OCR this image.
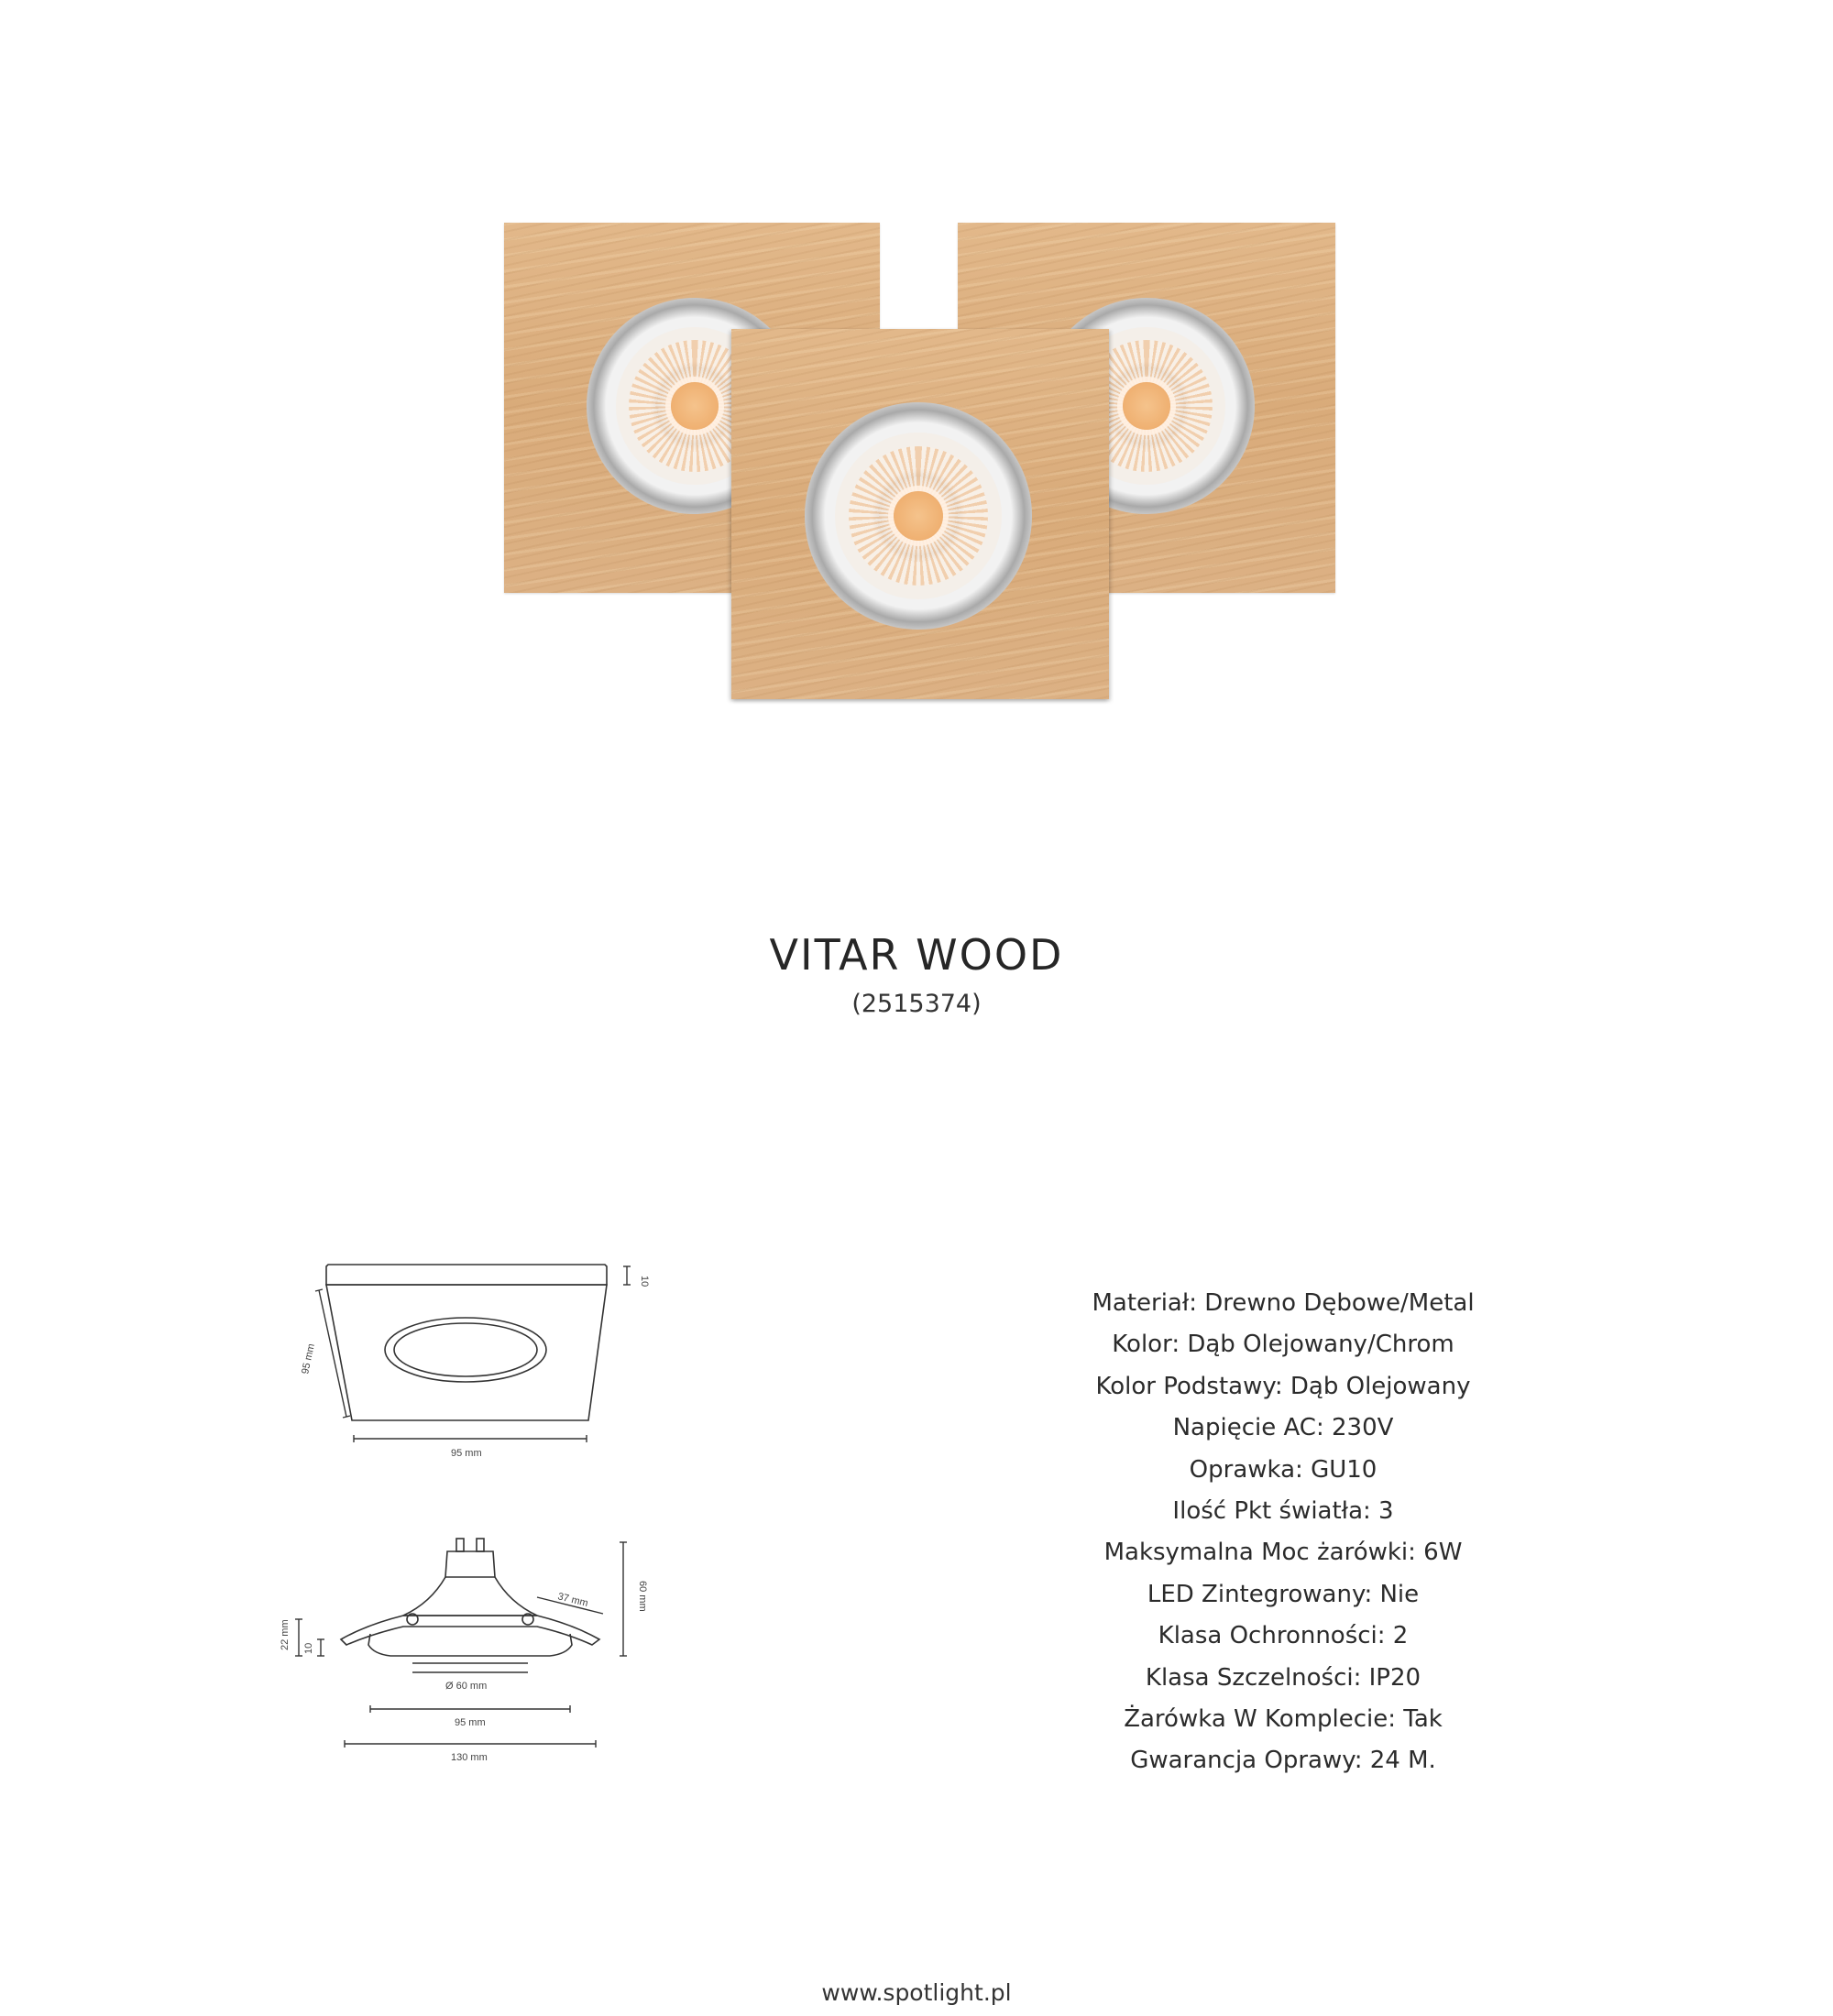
VITAR WOOD
(2515374)
10
95 mm
95 mm
60 mm
37 mm
22 mm 10
Ø 60 mm
95 mm
130 mm
Materiał: Drewno Dębowe/Metal
Kolor: Dąb Olejowany/Chrom
Kolor Podstawy: Dąb Olejowany
Napięcie AC: 230V
Oprawka: GU10
Ilość Pkt światła: 3
Maksymalna Moc żarówki: 6W
LED Zintegrowany: Nie
Klasa Ochronności: 2
Klasa Szczelności: IP20
Żarówka W Komplecie: Tak
Gwarancja Oprawy: 24 M.
www.spotlight.pl
